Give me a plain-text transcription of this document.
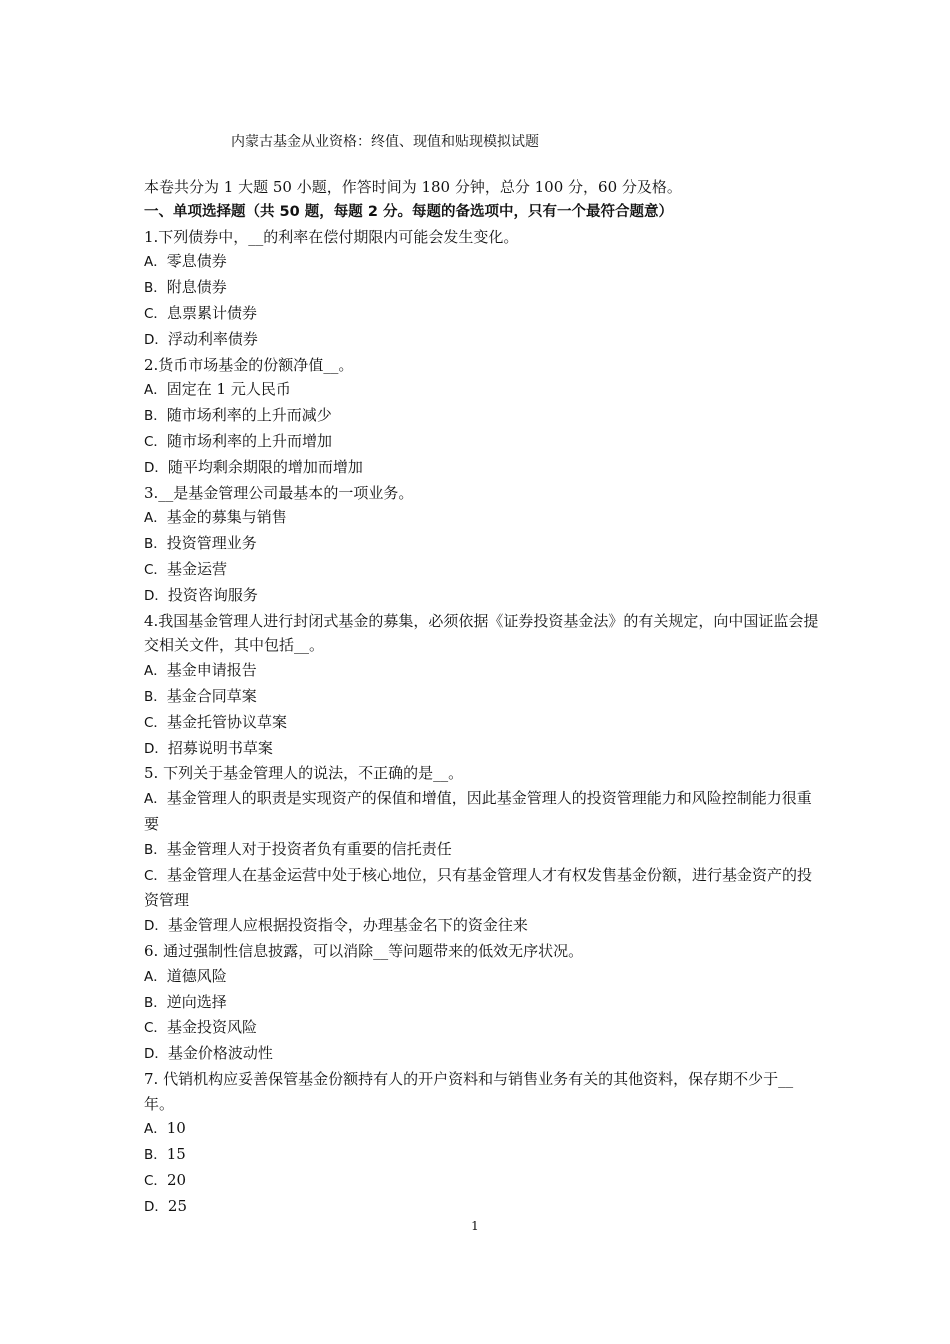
内蒙古基金从业资格：终值、现值和贴现模拟试题
本卷共分为 1 大题 50 小题，作答时间为 180 分钟，总分 100 分，60 分及格。
一、单项选择题（共 50 题，每题 2 分。每题的备选项中，只有一个最符合题意）
1.下列债券中，__的利率在偿付期限内可能会发生变化。
A．零息债券
B．附息债券
C．息票累计债券
D．浮动利率债券
2.货币市场基金的份额净值__。
A．固定在 1 元人民币
B．随市场利率的上升而减少
C．随市场利率的上升而增加
D．随平均剩余期限的增加而增加
3.__是基金管理公司最基本的一项业务。
A．基金的募集与销售
B．投资管理业务
C．基金运营
D．投资咨询服务
4.我国基金管理人进行封闭式基金的募集，必须依据《证券投资基金法》的有关规定，向中国证监会提交相关文件，其中包括__。
A．基金申请报告
B．基金合同草案
C．基金托管协议草案
D．招募说明书草案
5. 下列关于基金管理人的说法，不正确的是__。
A．基金管理人的职责是实现资产的保值和增值，因此基金管理人的投资管理能力和风险控制能力很重要
B．基金管理人对于投资者负有重要的信托责任
C．基金管理人在基金运营中处于核心地位，只有基金管理人才有权发售基金份额，进行基金资产的投资管理
D．基金管理人应根据投资指令，办理基金名下的资金往来
6. 通过强制性信息披露，可以消除__等问题带来的低效无序状况。
A．道德风险
B．逆向选择
C．基金投资风险
D．基金价格波动性
7. 代销机构应妥善保管基金份额持有人的开户资料和与销售业务有关的其他资料，保存期不少于__年。
A．10
B．15
C．20
D．25
1
